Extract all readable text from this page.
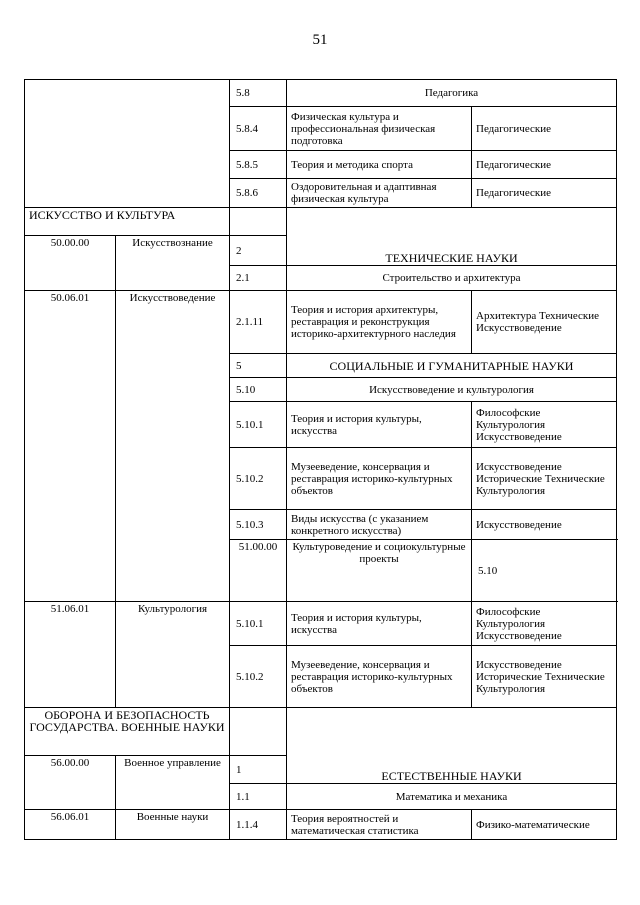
51
		5.8	Педагогика		
		5.8.4	Физическая культура и профессиональная физическая подготовка	Педагогические	
		5.8.5	Теория и методика спорта	Педагогические	
		5.8.6	Оздоровительная и адаптивная физическая культура	Педагогические	
ИСКУССТВО И КУЛЬТУРА			ТЕХНИЧЕСКИЕ НАУКИ		
50.00.00	Искусствознание	2			
		2.1	Строительство и архитектура		
50.06.01	Искусствоведение	2.1.11	Теория и история архитектуры, реставрация и реконструкция историко-архитектурного наследия	Архитектура Технические Искусствоведение	
		5	СОЦИАЛЬНЫЕ И ГУМАНИТАРНЫЕ НАУКИ		
		5.10	Искусствоведение и культурология		
		5.10.1	Теория и история культуры, искусства	Философские Культурология Искусствоведение	
		5.10.2	Музееведение, консервация и реставрация историко-культурных объектов	Искусствоведение Исторические Технические Культурология	
		5.10.3	Виды искусства (с указанием конкретного искусства)	Искусствоведение	
		51.00.00	Культуроведение и социокультурные проекты	5.10	
51.06.01	Культурология	5.10.1	Теория и история культуры, искусства	Философские Культурология Искусствоведение	
		5.10.2	Музееведение, консервация и реставрация историко-культурных объектов	Искусствоведение Исторические Технические Культурология	
ОБОРОНА И БЕЗОПАСНОСТЬ ГОСУДАРСТВА. ВОЕННЫЕ НАУКИ			ЕСТЕСТВЕННЫЕ НАУКИ		
56.00.00	Военное управление	1			
		1.1	Математика и механика		
56.06.01	Военные науки	1.1.4	Теория вероятностей и математическая статистика	Физико-математические	
